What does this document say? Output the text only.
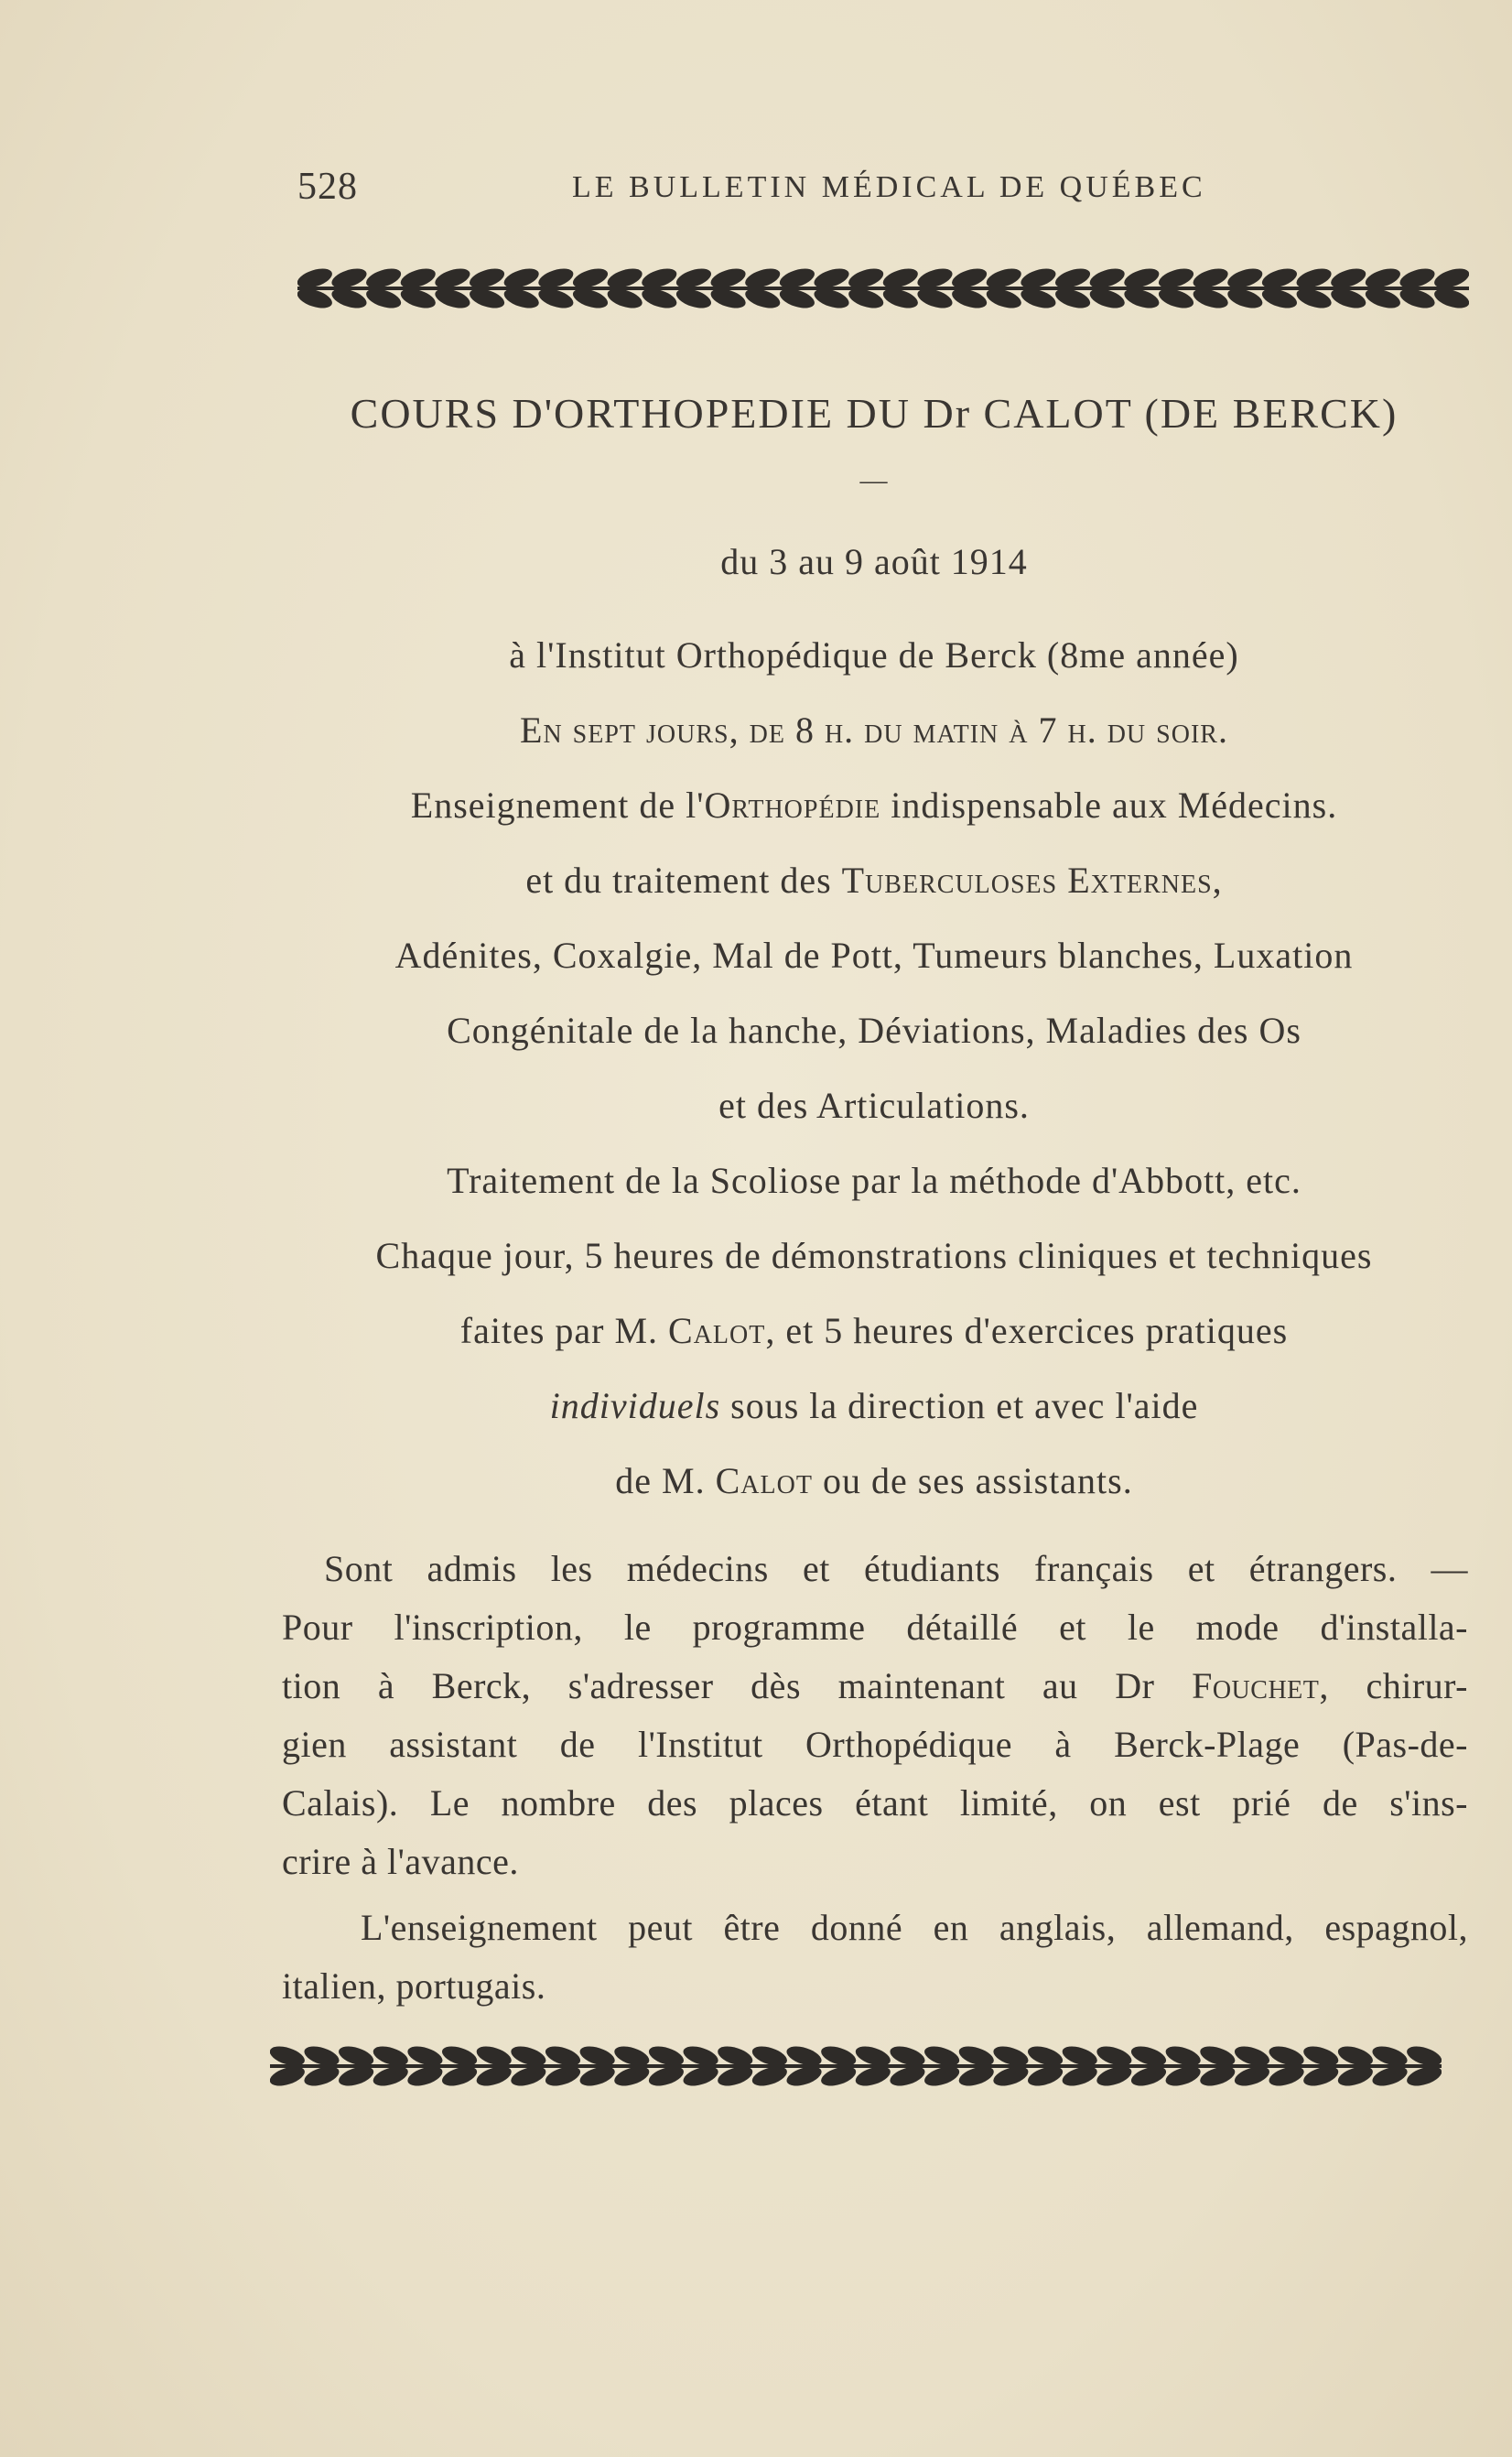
528	LE BULLETIN MÉDICAL DE QUÉBEC
COURS D'ORTHOPEDIE DU Dr CALOT (DE BERCK)
—
du 3 au 9 août 1914
à l'Institut Orthopédique de Berck (8me année)
En sept jours, de 8 h. du matin à 7 h. du soir.
Enseignement de l'Orthopédie indispensable aux Médecins.
et du traitement des Tuberculoses Externes,
Adénites, Coxalgie, Mal de Pott, Tumeurs blanches, Luxation
Congénitale de la hanche, Déviations, Maladies des Os
et des Articulations.
Traitement de la Scoliose par la méthode d'Abbott, etc.
Chaque jour, 5 heures de démonstrations cliniques et techniques
faites par M. Calot, et 5 heures d'exercices pratiques
individuels sous la direction et avec l'aide
de M. Calot ou de ses assistants.
Sont admis les médecins et étudiants français et étrangers. —
Pour l'inscription, le programme détaillé et le mode d'installa-
tion à Berck, s'adresser dès maintenant au Dr Fouchet, chirur-
gien assistant de l'Institut Orthopédique à Berck-Plage (Pas-de-
Calais). Le nombre des places étant limité, on est prié de s'ins-
crire à l'avance.
L'enseignement peut être donné en anglais, allemand, espagnol,
italien, portugais.
